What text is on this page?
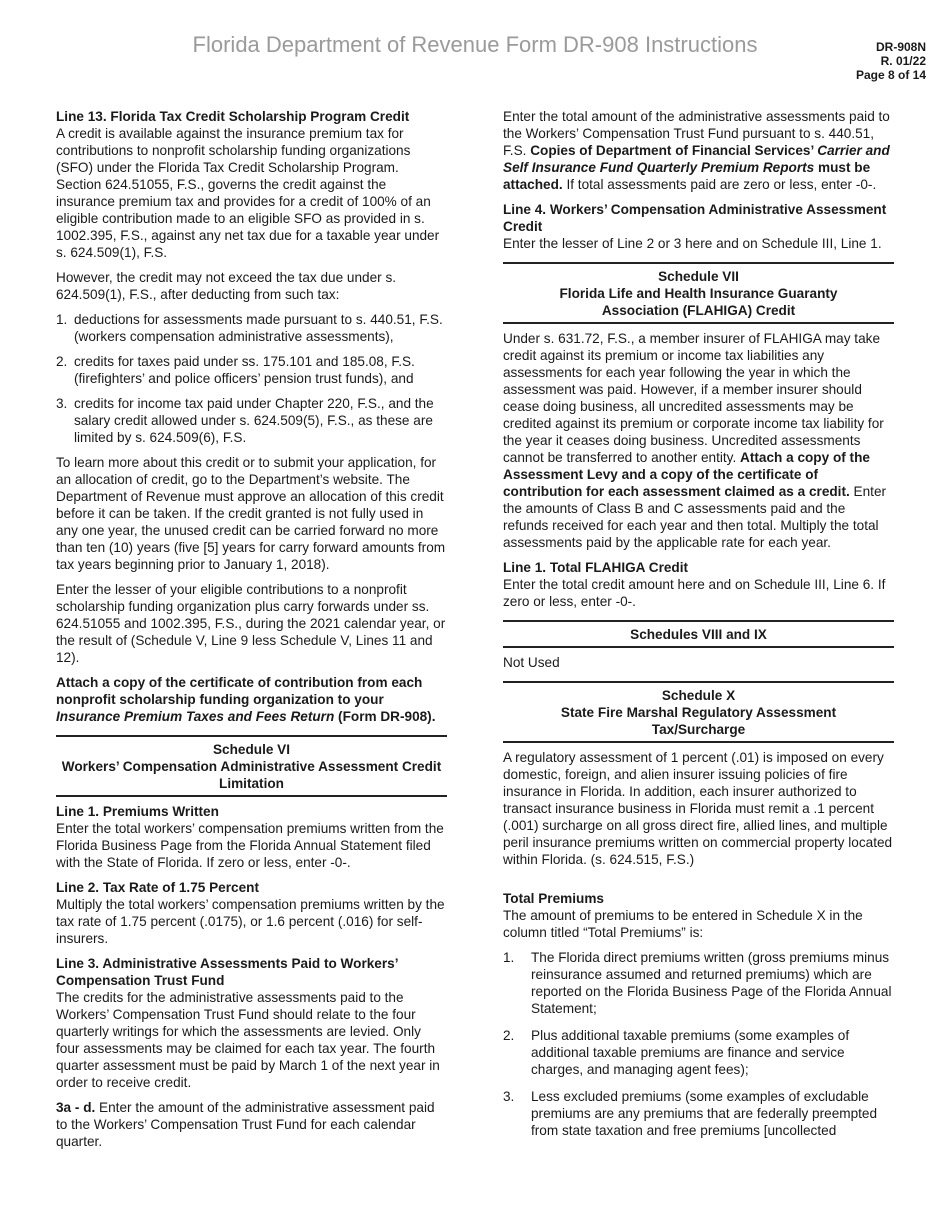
Florida Department of Revenue Form DR-908 Instructions	DR-908N
R. 01/22
Page 8 of 14

Line 13. Florida Tax Credit Scholarship Program Credit
A credit is available against the insurance premium tax for contributions to nonprofit scholarship funding organizations (SFO) under the Florida Tax Credit Scholarship Program. Section 624.51055, F.S., governs the credit against the insurance premium tax and provides for a credit of 100% of an eligible contribution made to an eligible SFO as provided in s. 1002.395, F.S., against any net tax due for a taxable year under s. 624.509(1), F.S.

However, the credit may not exceed the tax due under s. 624.509(1), F.S., after deducting from such tax:

1. deductions for assessments made pursuant to s. 440.51, F.S. (workers compensation administrative assessments),
2. credits for taxes paid under ss. 175.101 and 185.08, F.S. (firefighters’ and police officers’ pension trust funds), and
3. credits for income tax paid under Chapter 220, F.S., and the salary credit allowed under s. 624.509(5), F.S., as these are limited by s. 624.509(6), F.S.

To learn more about this credit or to submit your application, for an allocation of credit, go to the Department’s website. The Department of Revenue must approve an allocation of this credit before it can be taken. If the credit granted is not fully used in any one year, the unused credit can be carried forward no more than ten (10) years (five [5] years for carry forward amounts from tax years beginning prior to January 1, 2018).

Enter the lesser of your eligible contributions to a nonprofit scholarship funding organization plus carry forwards under ss. 624.51055 and 1002.395, F.S., during the 2021 calendar year, or the result of (Schedule V, Line 9 less Schedule V, Lines 11 and 12).

Attach a copy of the certificate of contribution from each nonprofit scholarship funding organization to your Insurance Premium Taxes and Fees Return (Form DR-908).

Schedule VI
Workers’ Compensation Administrative Assessment Credit
Limitation

Line 1. Premiums Written
Enter the total workers’ compensation premiums written from the Florida Business Page from the Florida Annual Statement filed with the State of Florida. If zero or less, enter -0-.

Line 2. Tax Rate of 1.75 Percent
Multiply the total workers’ compensation premiums written by the tax rate of 1.75 percent (.0175), or 1.6 percent (.016) for self-insurers.

Line 3. Administrative Assessments Paid to Workers’ Compensation Trust Fund
The credits for the administrative assessments paid to the Workers’ Compensation Trust Fund should relate to the four quarterly writings for which the assessments are levied. Only four assessments may be claimed for each tax year. The fourth quarter assessment must be paid by March 1 of the next year in order to receive credit.

3a - d. Enter the amount of the administrative assessment paid to the Workers’ Compensation Trust Fund for each calendar quarter.

Enter the total amount of the administrative assessments paid to the Workers’ Compensation Trust Fund pursuant to s. 440.51, F.S. Copies of Department of Financial Services’ Carrier and Self Insurance Fund Quarterly Premium Reports must be attached. If total assessments paid are zero or less, enter -0-.

Line 4. Workers’ Compensation Administrative Assessment Credit
Enter the lesser of Line 2 or 3 here and on Schedule III, Line 1.

Schedule VII
Florida Life and Health Insurance Guaranty
Association (FLAHIGA) Credit

Under s. 631.72, F.S., a member insurer of FLAHIGA may take credit against its premium or income tax liabilities any assessments for each year following the year in which the assessment was paid. However, if a member insurer should cease doing business, all uncredited assessments may be credited against its premium or corporate income tax liability for the year it ceases doing business. Uncredited assessments cannot be transferred to another entity. Attach a copy of the Assessment Levy and a copy of the certificate of contribution for each assessment claimed as a credit. Enter the amounts of Class B and C assessments paid and the refunds received for each year and then total. Multiply the total assessments paid by the applicable rate for each year.

Line 1. Total FLAHIGA Credit
Enter the total credit amount here and on Schedule III, Line 6. If zero or less, enter -0-.

Schedules VIII and IX

Not Used

Schedule X
State Fire Marshal Regulatory Assessment
Tax/Surcharge

A regulatory assessment of 1 percent (.01) is imposed on every domestic, foreign, and alien insurer issuing policies of fire insurance in Florida. In addition, each insurer authorized to transact insurance business in Florida must remit a .1 percent (.001) surcharge on all gross direct fire, allied lines, and multiple peril insurance premiums written on commercial property located within Florida. (s. 624.515, F.S.)

Total Premiums
The amount of premiums to be entered in Schedule X in the column titled “Total Premiums” is:

1. The Florida direct premiums written (gross premiums minus reinsurance assumed and returned premiums) which are reported on the Florida Business Page of the Florida Annual Statement;
2. Plus additional taxable premiums (some examples of additional taxable premiums are finance and service charges, and managing agent fees);
3. Less excluded premiums (some examples of excludable premiums are any premiums that are federally preempted from state taxation and free premiums [uncollected
